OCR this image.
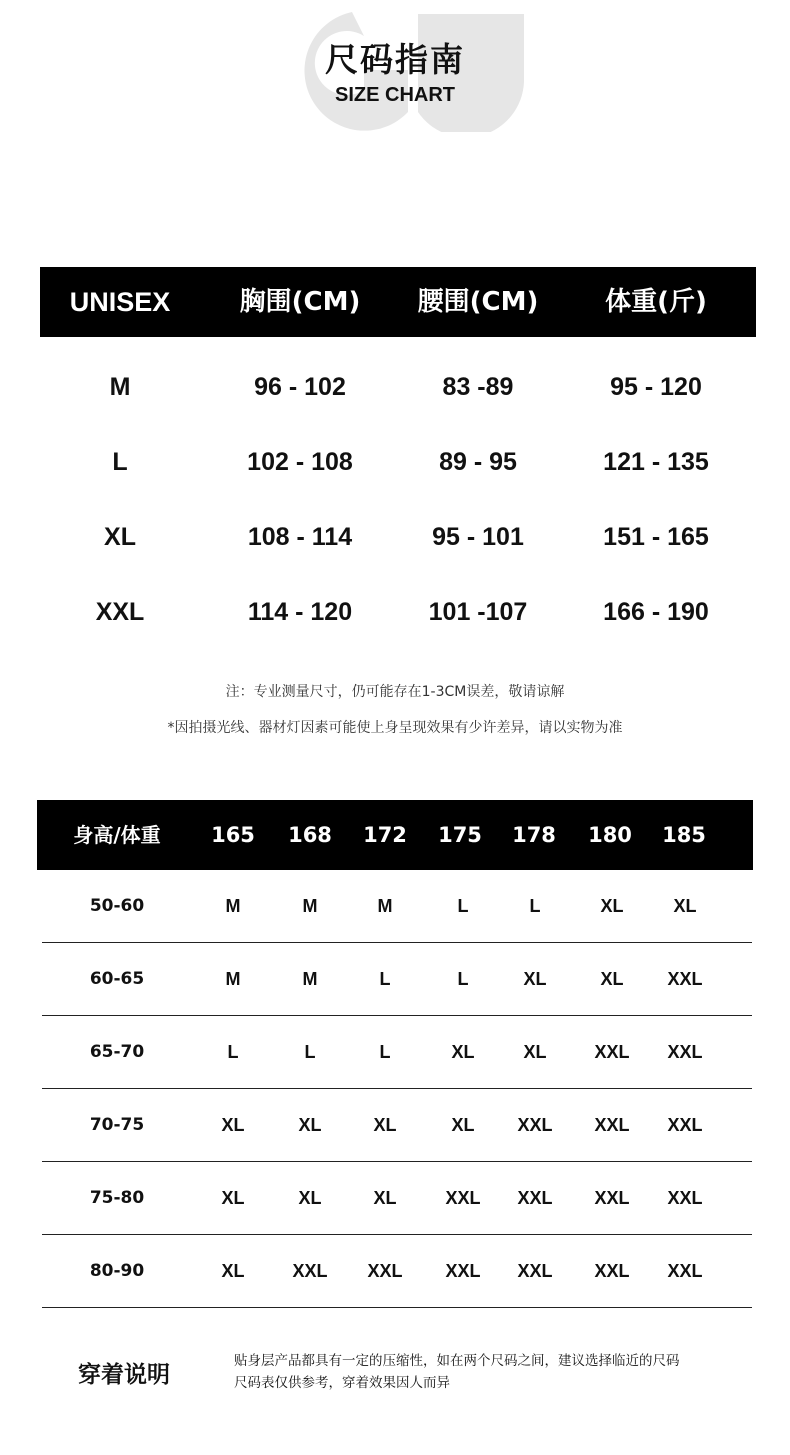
尺码指南
SIZE CHART
UNISEX	胸围(CM)	腰围(CM)	体重(斤)
M	96 - 102	83 -89	95 - 120
L	102 - 108	89 - 95	121 - 135
XL	108 - 114	95 - 101	151 - 165
XXL	114 - 120	101 -107	166 - 190
注：专业测量尺寸，仍可能存在1-3CM误差，敬请谅解
*因拍摄光线、器材灯因素可能使上身呈现效果有少许差异，请以实物为准
身高/体重	165	168	172	175	178	180	185
50-60	M	M	M	L	L	XL	XL
60-65	M	M	L	L	XL	XL	XXL
65-70	L	L	L	XL	XL	XXL	XXL
70-75	XL	XL	XL	XL	XXL	XXL	XXL
75-80	XL	XL	XL	XXL	XXL	XXL	XXL
80-90	XL	XXL	XXL	XXL	XXL	XXL	XXL
穿着说明
贴身层产品都具有一定的压缩性，如在两个尺码之间，建议选择临近的尺码
尺码表仅供参考，穿着效果因人而异
